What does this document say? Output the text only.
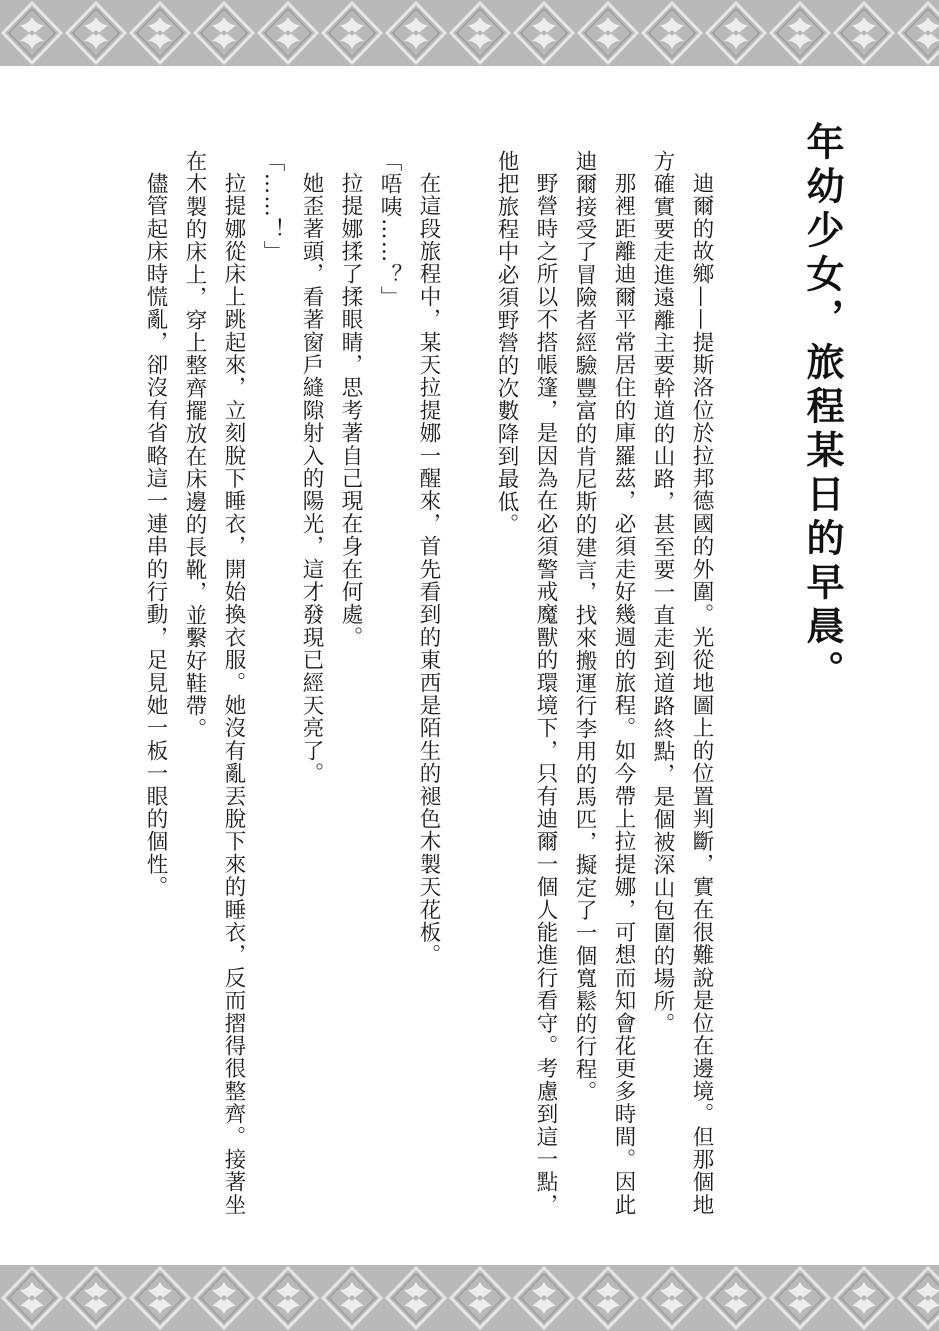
年幼少女，旅程某日的早晨。

迪爾的故鄉——提斯洛位於拉邦德國的外圍。光從地圖上的位置判斷，實在很難說是位在邊境。但那個地方確實要走進遠離主要幹道的山路，甚至要一直走到道路終點，是個被深山包圍的場所。

那裡距離迪爾平常居住的庫羅茲，必須走好幾週的旅程。如今帶上拉提娜，可想而知會花更多時間。因此迪爾接受了冒險者經驗豐富的肯尼斯的建言，找來搬運行李用的馬匹，擬定了一個寬鬆的行程。

野營時之所以不搭帳篷，是因為在必須警戒魔獸的環境下，只有迪爾一個人能進行看守。考慮到這一點，他把旅程中必須野營的次數降到最低。

在這段旅程中，某天拉提娜一醒來，首先看到的東西是陌生的褪色木製天花板。

「唔咦……？」

拉提娜揉了揉眼睛，思考著自己現在身在何處。

她歪著頭，看著窗戶縫隙射入的陽光，這才發現已經天亮了。

「……！」

拉提娜從床上跳起來，立刻脫下睡衣，開始換衣服。她沒有亂丟脫下來的睡衣，反而摺得很整齊。接著坐在木製的床上，穿上整齊擺放在床邊的長靴，並繫好鞋帶。

儘管起床時慌亂，卻沒有省略這一連串的行動，足見她一板一眼的個性。
